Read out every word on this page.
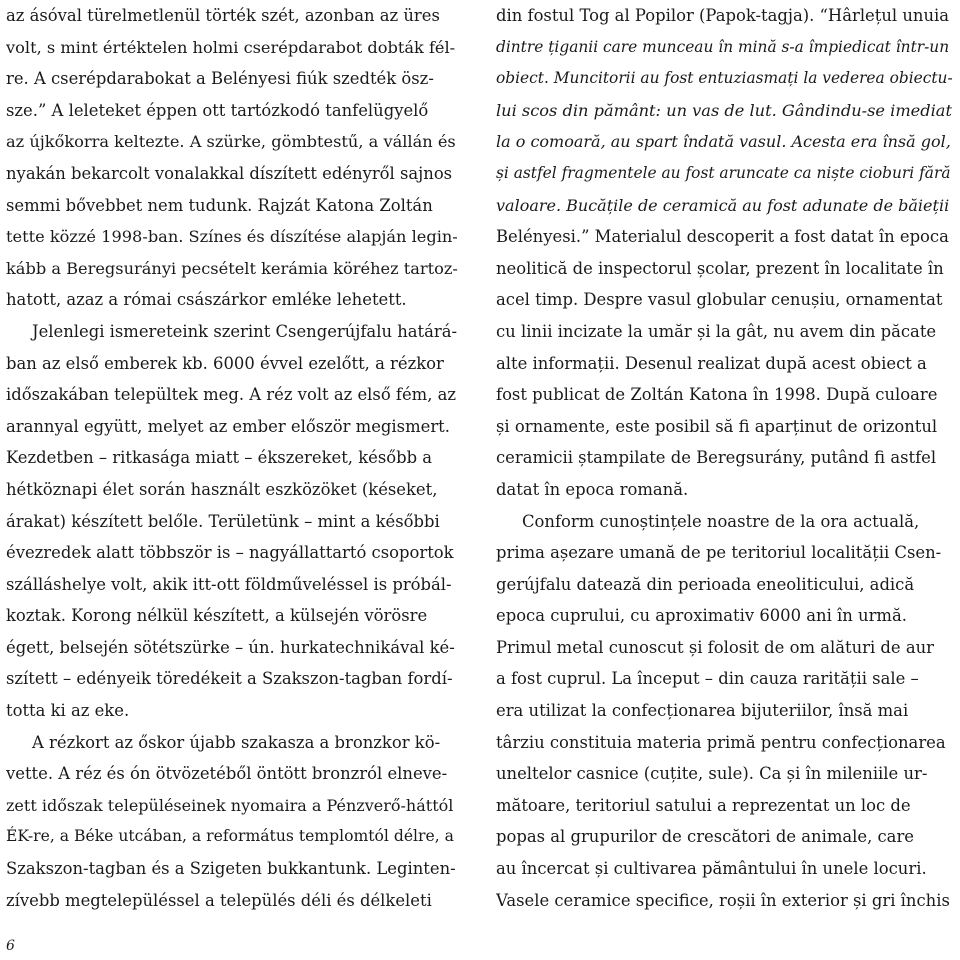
az ásóval türelmetlenül törték szét, azonban az üres
volt, s mint értéktelen holmi cserépdarabot dobták fél-
re. A cserépdarabokat a Belényesi fiúk szedték ösz-
sze.” A leleteket éppen ott tartózkodó tanfelügyelő
az újkőkorra keltezte. A szürke, gömbtestű, a vállán és
nyakán bekarcolt vonalakkal díszített edényről sajnos
semmi bővebbet nem tudunk. Rajzát Katona Zoltán
tette közzé 1998-ban. Színes és díszítése alapján legin-
kább a Beregsurányi pecsételt kerámia köréhez tartoz-
hatott, azaz a római császárkor emléke lehetett.
Jelenlegi ismereteink szerint Csengerújfalu határá-
ban az első emberek kb. 6000 évvel ezelőtt, a rézkor
időszakában települtek meg. A réz volt az első fém, az
arannyal együtt, melyet az ember először megismert.
Kezdetben – ritkasága miatt – ékszereket, később a
hétköznapi élet során használt eszközöket (késeket,
árakat) készített belőle. Területünk – mint a későbbi
évezredek alatt többször is – nagyállattartó csoportok
szálláshelye volt, akik itt-ott földműveléssel is próbál-
koztak. Korong nélkül készített, a külsején vörösre
égett, belsején sötétszürke – ún. hurkatechnikával ké-
szített – edényeik töredékeit a Szakszon-tagban fordí-
totta ki az eke.
A rézkort az őskor újabb szakasza a bronzkor kö-
vette. A réz és ón ötvözetéből öntött bronzról elneve-
zett időszak településeinek nyomaira a Pénzverő-háttól
ÉK-re, a Béke utcában, a református templomtól délre, a
Szakszon-tagban és a Szigeten bukkantunk. Leginten-
zívebb megtelepüléssel a település déli és délkeleti
din fostul Tog al Popilor (Papok-tagja). “Hârlețul unuia
dintre țiganii care munceau în mină s-a împiedicat într-un
obiect. Muncitorii au fost entuziasmați la vederea obiectu-
lui scos din pământ: un vas de lut. Gândindu-se imediat
la o comoară, au spart îndată vasul. Acesta era însă gol,
și astfel fragmentele au fost aruncate ca niște cioburi fără
valoare. Bucățile de ceramică au fost adunate de băieții
Belényesi.” Materialul descoperit a fost datat în epoca
neolitică de inspectorul școlar, prezent în localitate în
acel timp. Despre vasul globular cenușiu, ornamentat
cu linii incizate la umăr și la gât, nu avem din păcate
alte informații. Desenul realizat după acest obiect a
fost publicat de Zoltán Katona în 1998. După culoare
și ornamente, este posibil să fi aparținut de orizontul
ceramicii ștampilate de Beregsurány, putând fi astfel
datat în epoca romană.
Conform cunoștințele noastre de la ora actuală,
prima așezare umană de pe teritoriul localității Csen-
gerújfalu datează din perioada eneoliticului, adică
epoca cuprului, cu aproximativ 6000 ani în urmă.
Primul metal cunoscut și folosit de om alături de aur
a fost cuprul. La început – din cauza rarității sale –
era utilizat la confecționarea bijuteriilor, însă mai
târziu constituia materia primă pentru confecționarea
uneltelor casnice (cuțite, sule). Ca și în mileniile ur-
mătoare, teritoriul satului a reprezentat un loc de
popas al grupurilor de crescători de animale, care
au încercat și cultivarea pământului în unele locuri.
Vasele ceramice specifice, roșii în exterior și gri închis
6
